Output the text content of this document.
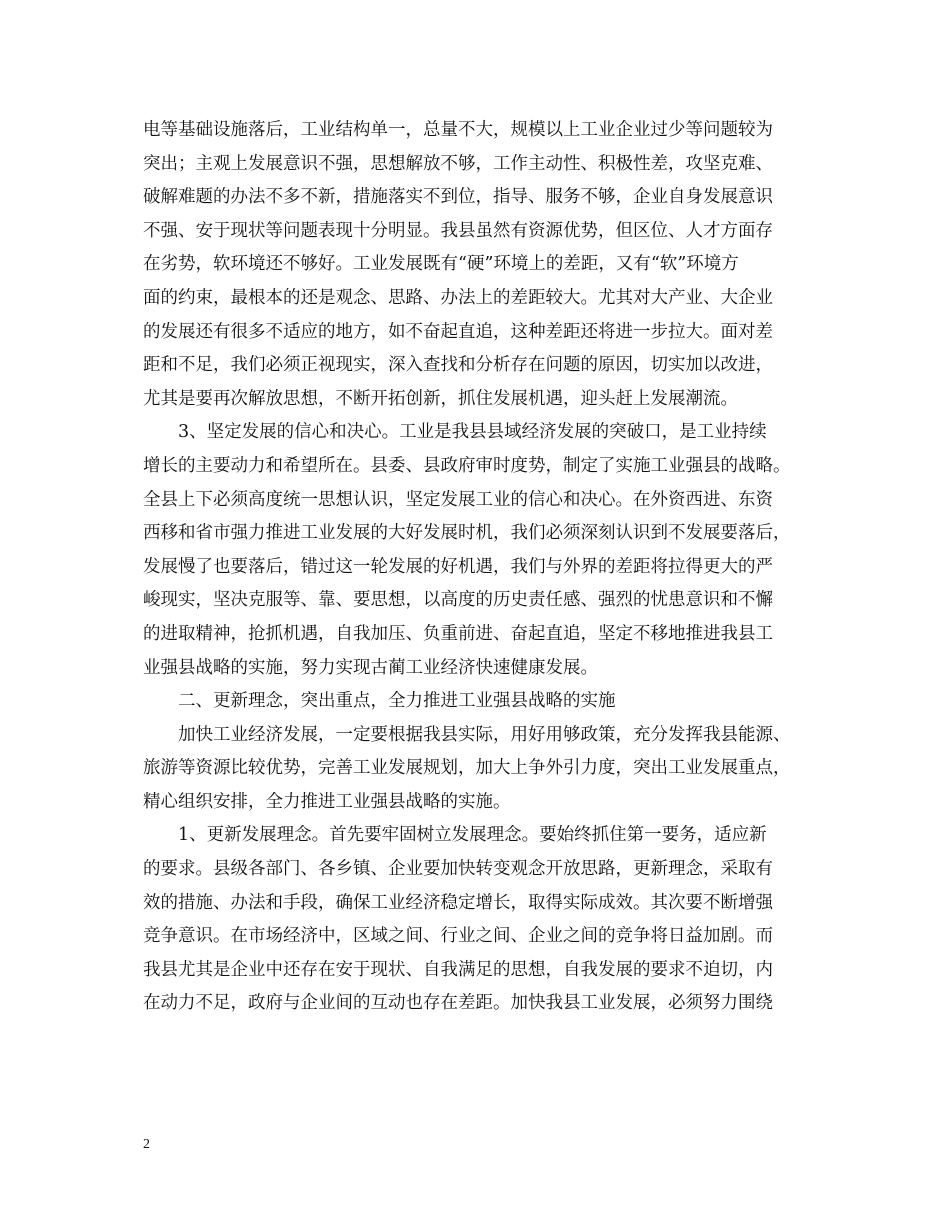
电等基础设施落后，工业结构单一，总量不大，规模以上工业企业过少等问题较为
突出；主观上发展意识不强，思想解放不够，工作主动性、积极性差，攻坚克难、
破解难题的办法不多不新，措施落实不到位，指导、服务不够，企业自身发展意识
不强、安于现状等问题表现十分明显。我县虽然有资源优势，但区位、人才方面存
在劣势，软环境还不够好。工业发展既有“硬”环境上的差距，又有“软”环境方
面的约束，最根本的还是观念、思路、办法上的差距较大。尤其对大产业、大企业
的发展还有很多不适应的地方，如不奋起直追，这种差距还将进一步拉大。面对差
距和不足，我们必须正视现实，深入查找和分析存在问题的原因，切实加以改进，
尤其是要再次解放思想，不断开拓创新，抓住发展机遇，迎头赶上发展潮流。
　　3、坚定发展的信心和决心。工业是我县县域经济发展的突破口，是工业持续
增长的主要动力和希望所在。县委、县政府审时度势，制定了实施工业强县的战略。
全县上下必须高度统一思想认识，坚定发展工业的信心和决心。在外资西进、东资
西移和省市强力推进工业发展的大好发展时机，我们必须深刻认识到不发展要落后，
发展慢了也要落后，错过这一轮发展的好机遇，我们与外界的差距将拉得更大的严
峻现实，坚决克服等、靠、要思想，以高度的历史责任感、强烈的忧患意识和不懈
的进取精神，抢抓机遇，自我加压、负重前进、奋起直追，坚定不移地推进我县工
业强县战略的实施，努力实现古蔺工业经济快速健康发展。
　　二、更新理念，突出重点，全力推进工业强县战略的实施
　　加快工业经济发展，一定要根据我县实际，用好用够政策，充分发挥我县能源、
旅游等资源比较优势，完善工业发展规划，加大上争外引力度，突出工业发展重点，
精心组织安排，全力推进工业强县战略的实施。
　　1、更新发展理念。首先要牢固树立发展理念。要始终抓住第一要务，适应新
的要求。县级各部门、各乡镇、企业要加快转变观念开放思路，更新理念，采取有
效的措施、办法和手段，确保工业经济稳定增长，取得实际成效。其次要不断增强
竞争意识。在市场经济中，区域之间、行业之间、企业之间的竞争将日益加剧。而
我县尤其是企业中还存在安于现状、自我满足的思想，自我发展的要求不迫切，内
在动力不足，政府与企业间的互动也存在差距。加快我县工业发展，必须努力围绕
2
